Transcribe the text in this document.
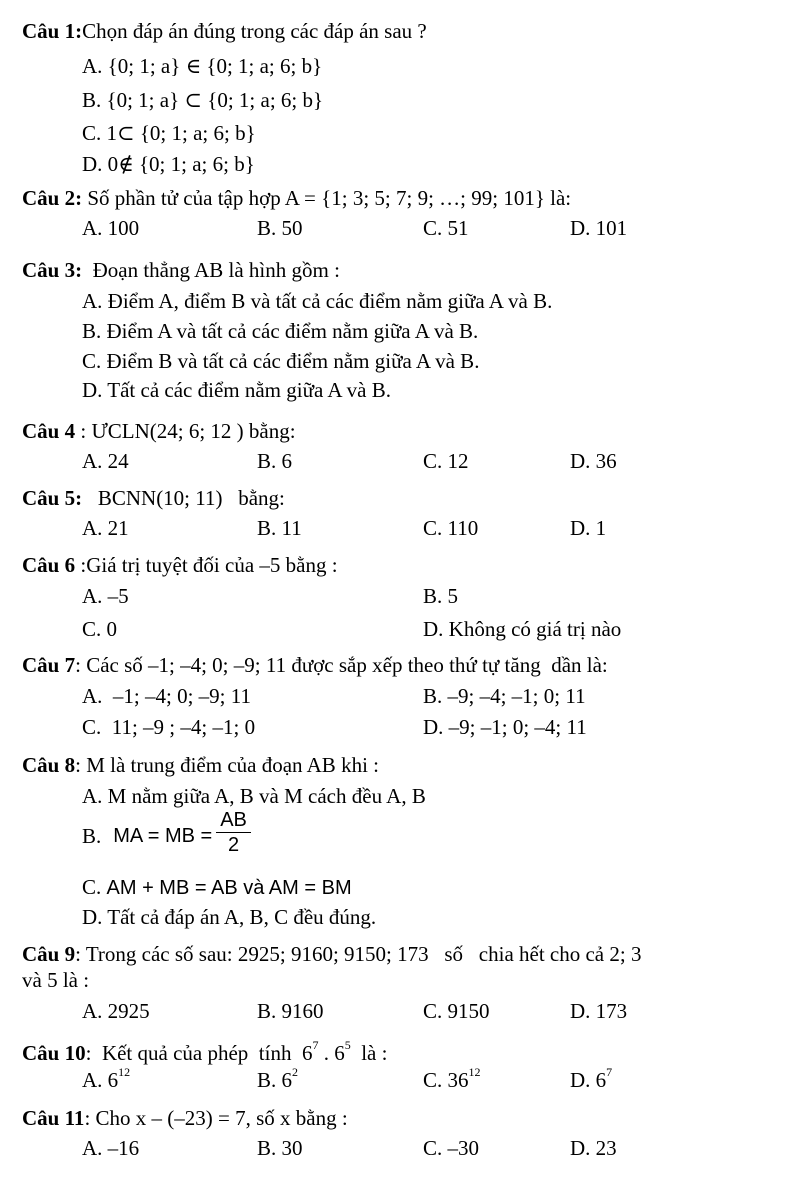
Câu 1:Chọn đáp án đúng trong các đáp án sau ?
A. {0; 1; a} ∈ {0; 1; a; 6; b}
B. {0; 1; a} ⊂ {0; 1; a; 6; b}
C. 1⊂ {0; 1; a; 6; b}
D. 0∉ {0; 1; a; 6; b}
Câu 2: Số phần tử của tập hợp A = {1; 3; 5; 7; 9; …; 99; 101} là:
A. 100	B. 50	C. 51	D. 101
Câu 3: Đoạn thẳng AB là hình gồm :
A. Điểm A, điểm B và tất cả các điểm nằm giữa A và B.
B. Điểm A và tất cả các điểm nằm giữa A và B.
C. Điểm B và tất cả các điểm nằm giữa A và B.
D. Tất cả các điểm nằm giữa A và B.
Câu 4 : ƯCLN(24; 6; 12 ) bằng:
A. 24	B. 6	C. 12	D. 36
Câu 5: BCNN(10; 11)   bằng:
A. 21	B. 11	C. 110	D. 1
Câu 6 :Giá trị tuyệt đối của –5 bằng :
A. –5	B. 5
C. 0	D. Không có giá trị nào
Câu 7: Các số –1; –4; 0; –9; 11 được sắp xếp theo thứ tự tăng  dần là:
A.  –1; –4; 0; –9; 11	B. –9; –4; –1; 0; 11
C.  11; –9 ; –4; –1; 0	D. –9; –1; 0; –4; 11
Câu 8: M là trung điểm của đoạn AB khi :
A. M nằm giữa A, B và M cách đều A, B
B. MA = MB = $\frac{AB}{2}$
C. AM + MB = AB và AM = BM
D. Tất cả đáp án A, B, C đều đúng.
Câu 9: Trong các số sau: 2925; 9160; 9150; 173   số   chia hết cho cả 2; 3
và 5 là :
A. 2925	B. 9160	C. 9150	D. 173
Câu 10:  Kết quả của phép  tính  $6^7$ . $6^5$  là :
A. $6^{12}$	B. $6^2$	C. $36^{12}$	D. $6^7$
Câu 11: Cho x – (–23) = 7, số x bằng :
A. –16	B. 30	C. –30	D. 23
